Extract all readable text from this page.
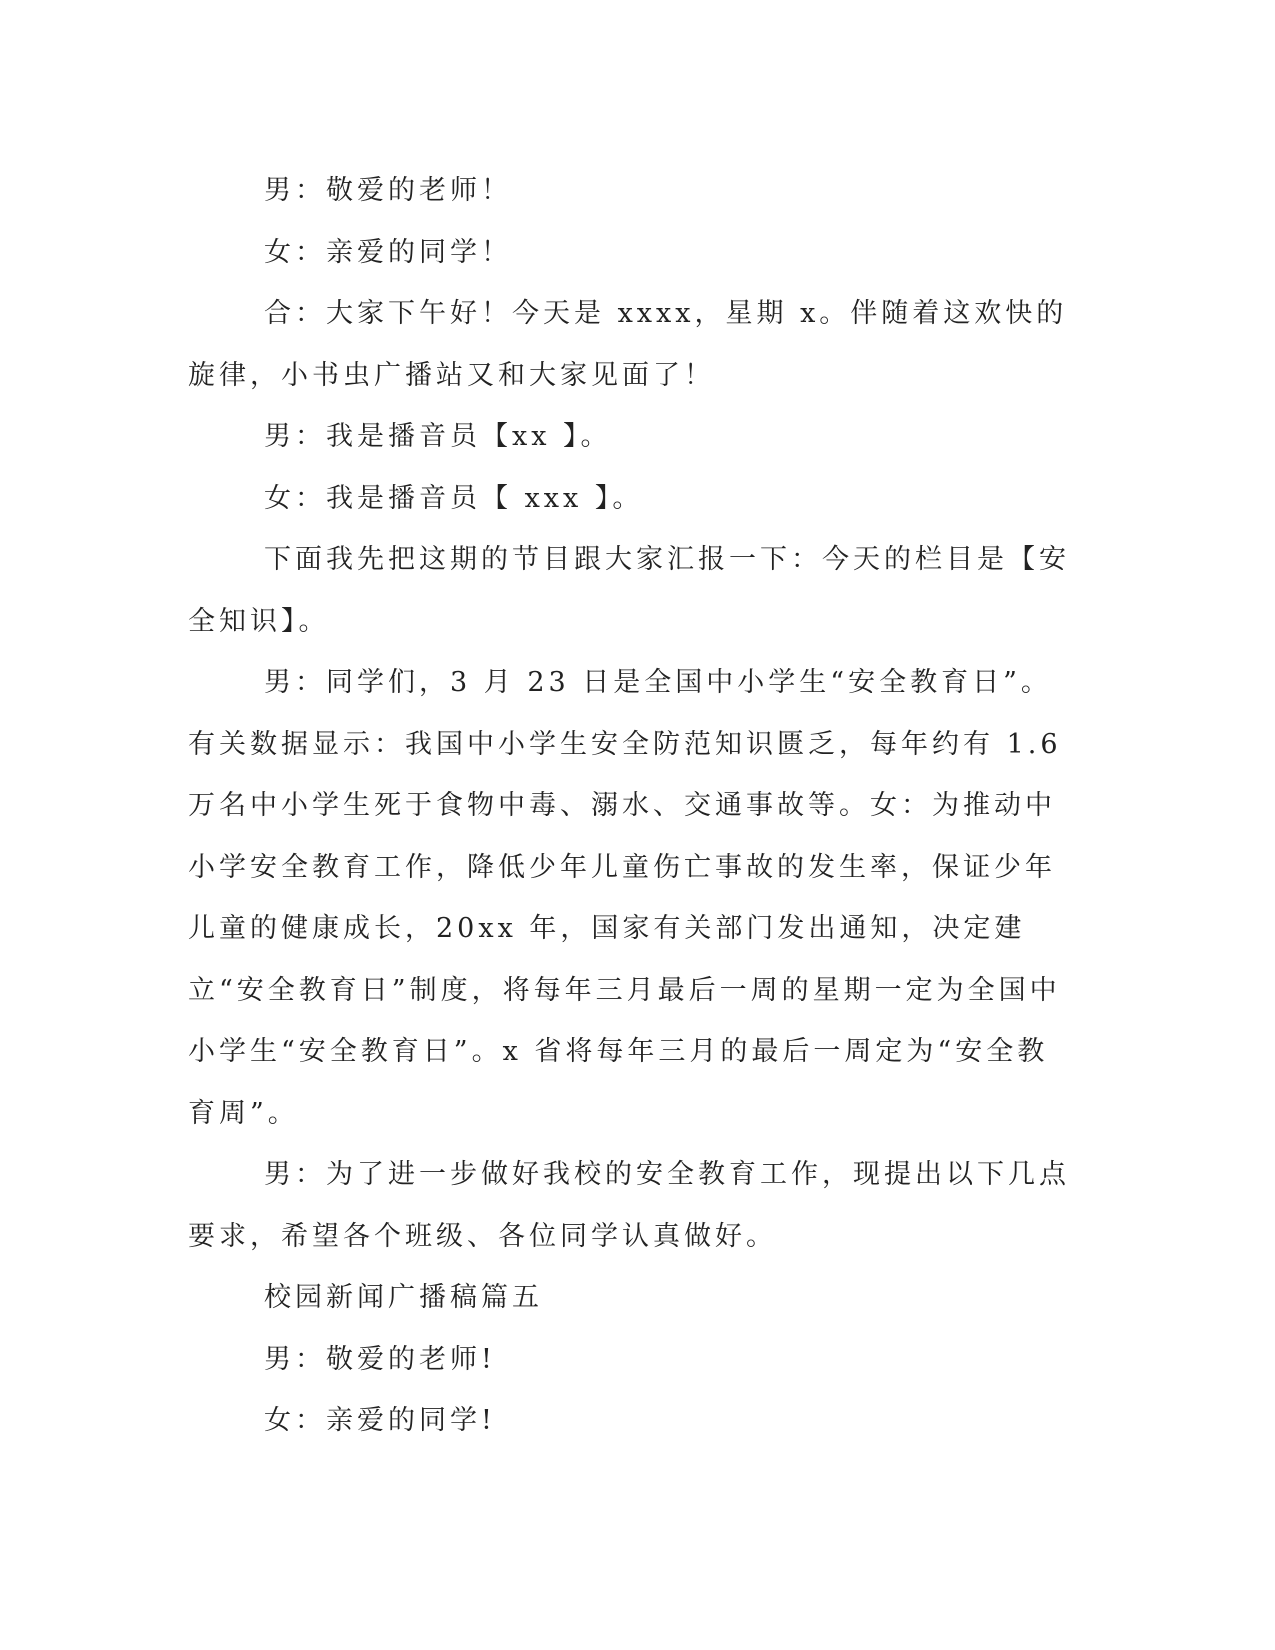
男：敬爱的老师！

女：亲爱的同学！

合：大家下午好！今天是 xxxx，星期 x。伴随着这欢快的旋律，小书虫广播站又和大家见面了！

男：我是播音员【xx 】。

女：我是播音员【 xxx 】。

下面我先把这期的节目跟大家汇报一下：今天的栏目是【安全知识】。

男：同学们，3 月 23 日是全国中小学生“安全教育日”。有关数据显示：我国中小学生安全防范知识匮乏，每年约有 1.6 万名中小学生死于食物中毒、溺水、交通事故等。女：为推动中小学安全教育工作，降低少年儿童伤亡事故的发生率，保证少年儿童的健康成长，20xx 年，国家有关部门发出通知，决定建立“安全教育日”制度，将每年三月最后一周的星期一定为全国中小学生“安全教育日”。x 省将每年三月的最后一周定为“安全教育周”。

男：为了进一步做好我校的安全教育工作，现提出以下几点要求，希望各个班级、各位同学认真做好。

校园新闻广播稿篇五

男：敬爱的老师!

女：亲爱的同学!
